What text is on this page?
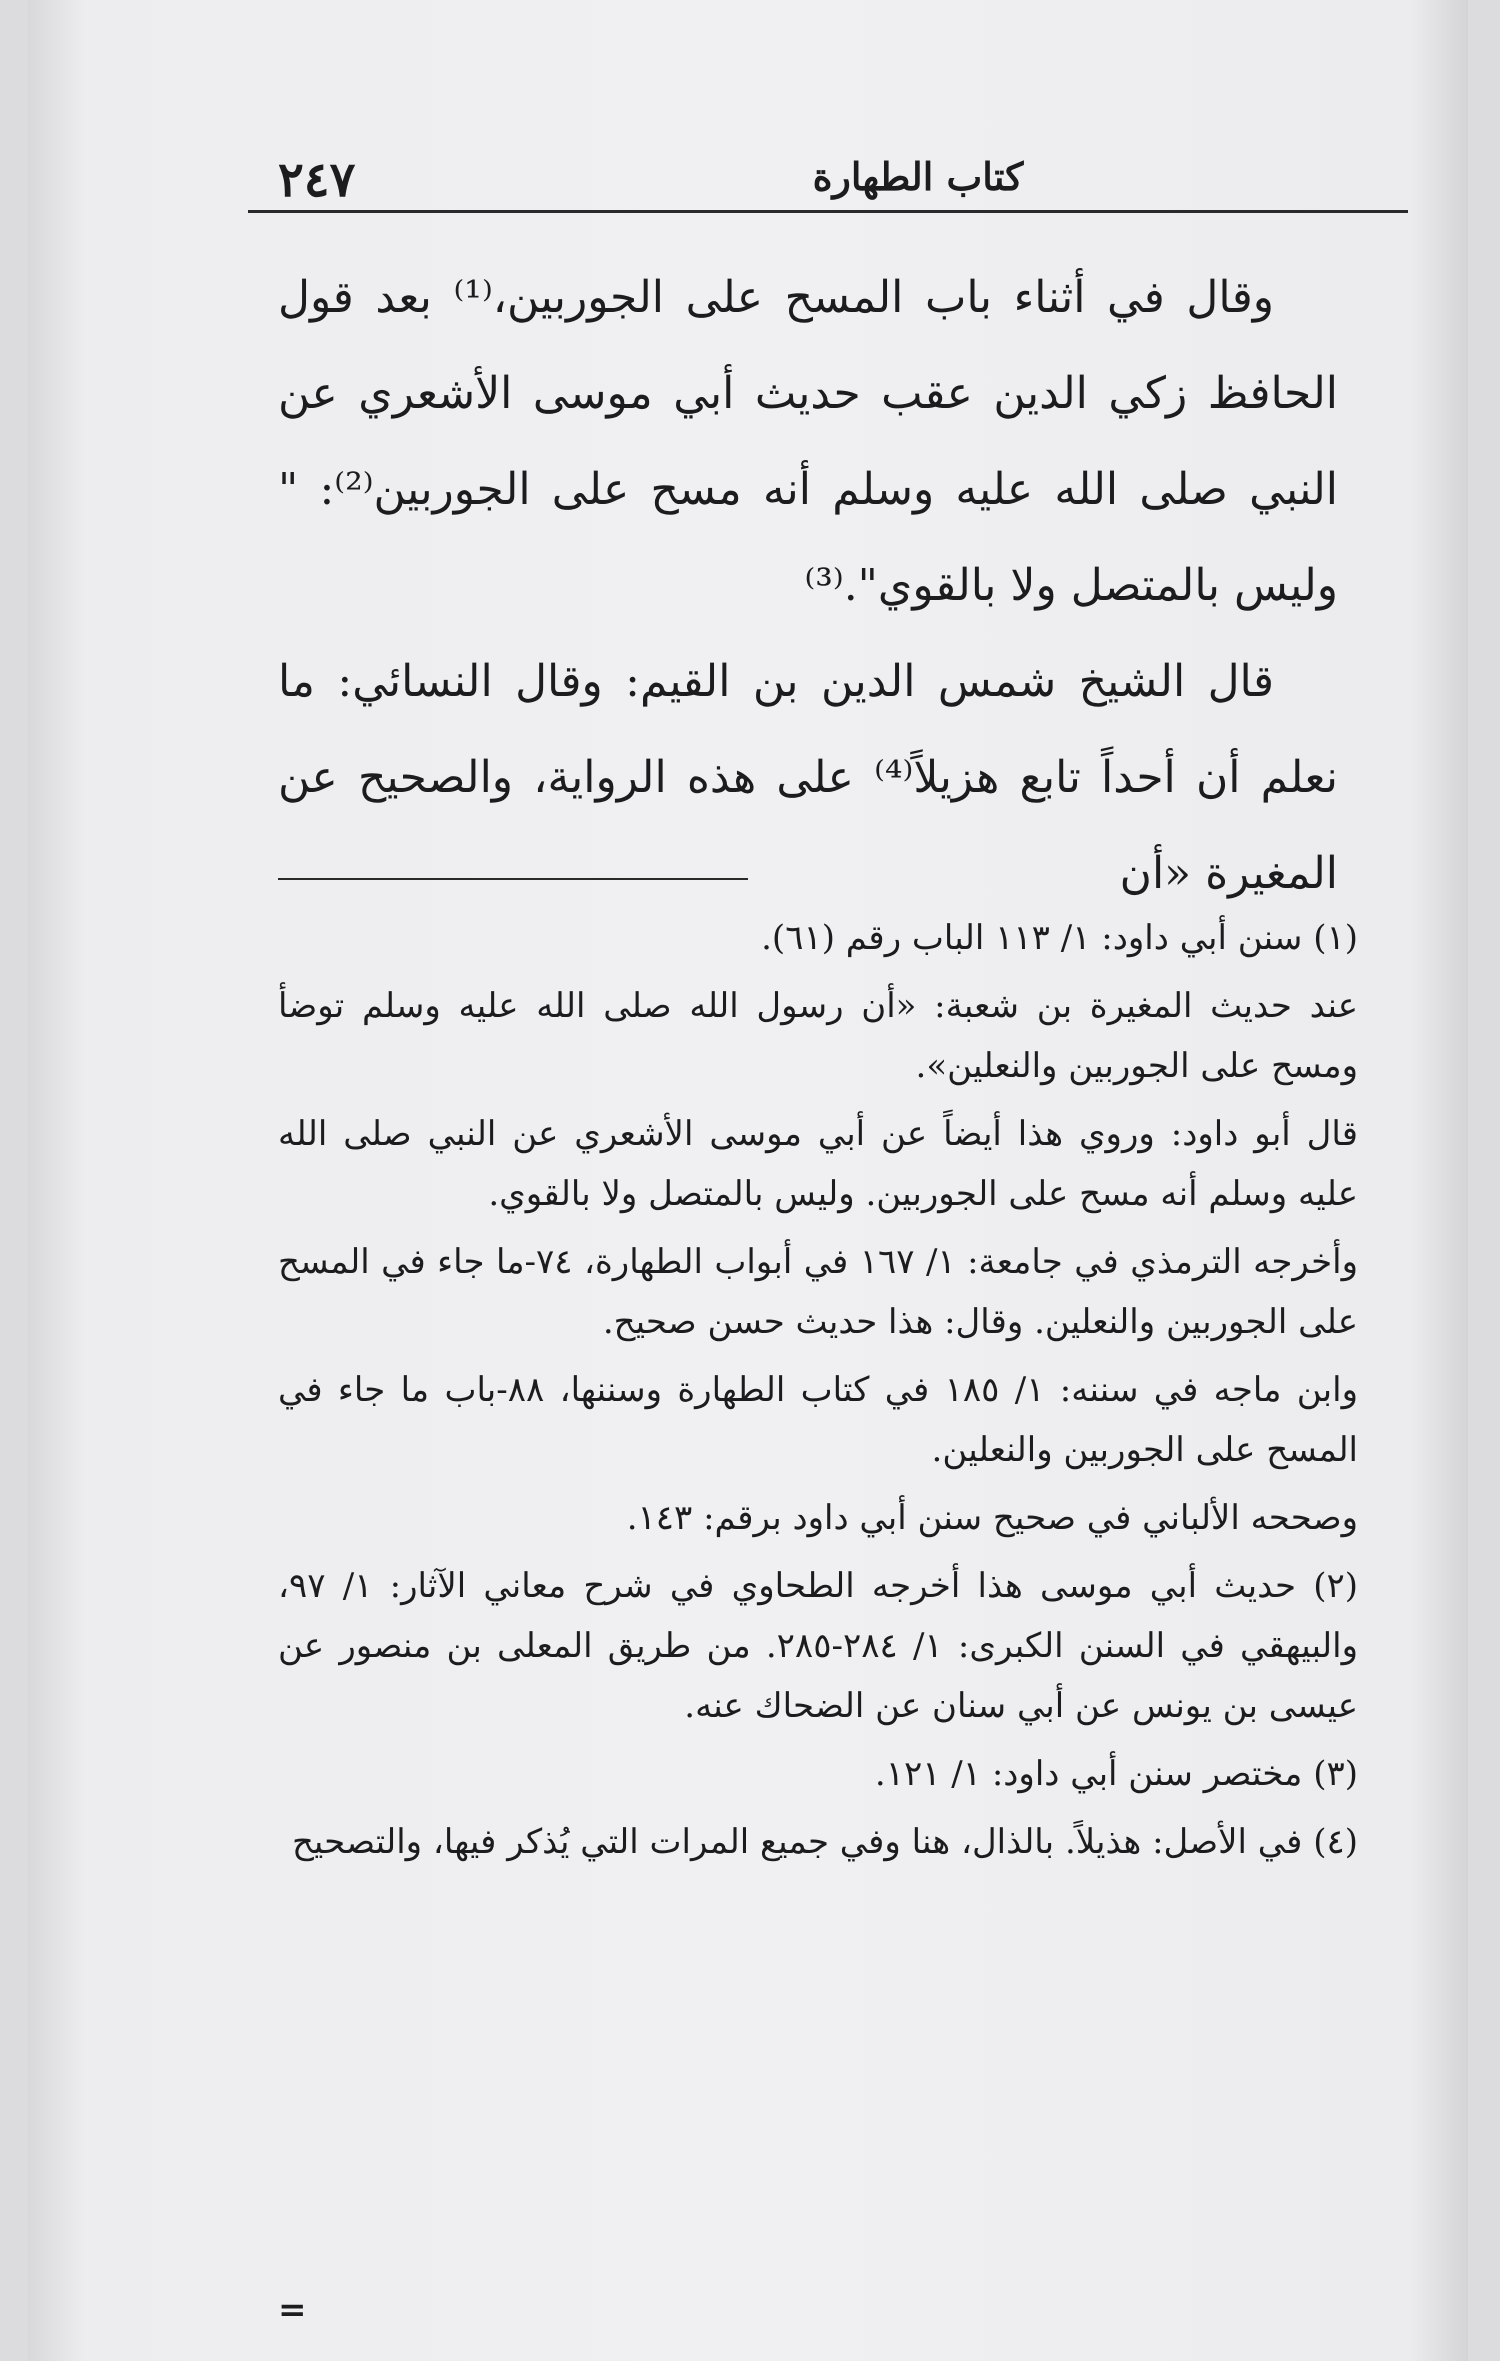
٢٤٧	كتاب الطهارة

وقال في أثناء باب المسح على الجوربين،⁽¹⁾ بعد قول الحافظ زكي الدين عقب حديث أبي موسى الأشعري عن النبي صلى الله عليه وسلم أنه مسح على الجوربين⁽²⁾: " وليس بالمتصل ولا بالقوي".⁽³⁾

قال الشيخ شمس الدين بن القيم: وقال النسائي: ما نعلم أن أحداً تابع هزيلاً⁽⁴⁾ على هذه الرواية، والصحيح عن المغيرة «أن

(١) سنن أبي داود: ١/ ١١٣ الباب رقم (٦١).

عند حديث المغيرة بن شعبة: «أن رسول الله صلى الله عليه وسلم توضأ ومسح على الجوربين والنعلين».

قال أبو داود: وروي هذا أيضاً عن أبي موسى الأشعري عن النبي صلى الله عليه وسلم أنه مسح على الجوربين. وليس بالمتصل ولا بالقوي.

وأخرجه الترمذي في جامعة: ١/ ١٦٧ في أبواب الطهارة، ٧٤-ما جاء في المسح على الجوربين والنعلين. وقال: هذا حديث حسن صحيح.

وابن ماجه في سننه: ١/ ١٨٥ في كتاب الطهارة وسننها، ٨٨-باب ما جاء في المسح على الجوربين والنعلين.

وصححه الألباني في صحيح سنن أبي داود برقم: ١٤٣.

(٢) حديث أبي موسى هذا أخرجه الطحاوي في شرح معاني الآثار: ١/ ٩٧، والبيهقي في السنن الكبرى: ١/ ٢٨٤-٢٨٥. من طريق المعلى بن منصور عن عيسى بن يونس عن أبي سنان عن الضحاك عنه.

(٣) مختصر سنن أبي داود: ١/ ١٢١.

(٤) في الأصل: هذيلاً. بالذال، هنا وفي جميع المرات التي يُذكر فيها، والتصحيح

=
